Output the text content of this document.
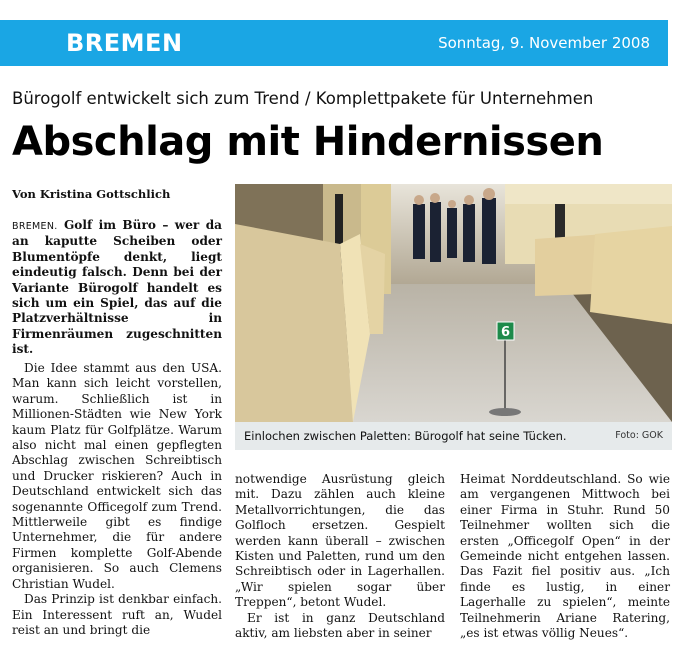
BREMEN	Sonntag, 9. November 2008
Bürogolf entwickelt sich zum Trend / Komplettpakete für Unternehmen
Abschlag mit Hindernissen
Von Kristina Gottschlich

BREMEN. Golf im Büro – wer da an kaputte Scheiben oder Blumentöpfe denkt, liegt eindeutig falsch. Denn bei der Variante Bürogolf handelt es sich um ein Spiel, das auf die Platzverhältnisse in Firmenräumen zugeschnitten ist.

Die Idee stammt aus den USA. Man kann sich leicht vorstellen, warum. Schließlich ist in Millionen-Städten wie New York kaum Platz für Golfplätze. Warum also nicht mal einen gepflegten Abschlag zwischen Schreibtisch und Drucker riskieren? Auch in Deutschland entwickelt sich das sogenannte Officegolf zum Trend. Mittlerweile gibt es findige Unternehmer, die für andere Firmen komplette Golf-Abende organisieren. So auch Clemens Christian Wudel.

Das Prinzip ist denkbar einfach. Ein Interessent ruft an, Wudel reist an und bringt die

6
Einlochen zwischen Paletten: Bürogolf hat seine Tücken.	Foto: GOK

notwendige Ausrüstung gleich mit. Dazu zählen auch kleine Metallvorrichtungen, die das Golfloch ersetzen. Gespielt werden kann überall – zwischen Kisten und Paletten, rund um den Schreibtisch oder in Lagerhallen. „Wir spielen sogar über Treppen“, betont Wudel.

Er ist in ganz Deutschland aktiv, am liebsten aber in seiner

Heimat Norddeutschland. So wie am vergangenen Mittwoch bei einer Firma in Stuhr. Rund 50 Teilnehmer wollten sich die ersten „Officegolf Open“ in der Gemeinde nicht entgehen lassen. Das Fazit fiel positiv aus. „Ich finde es lustig, in einer Lagerhalle zu spielen“, meinte Teilnehmerin Ariane Ratering, „es ist etwas völlig Neues“.
